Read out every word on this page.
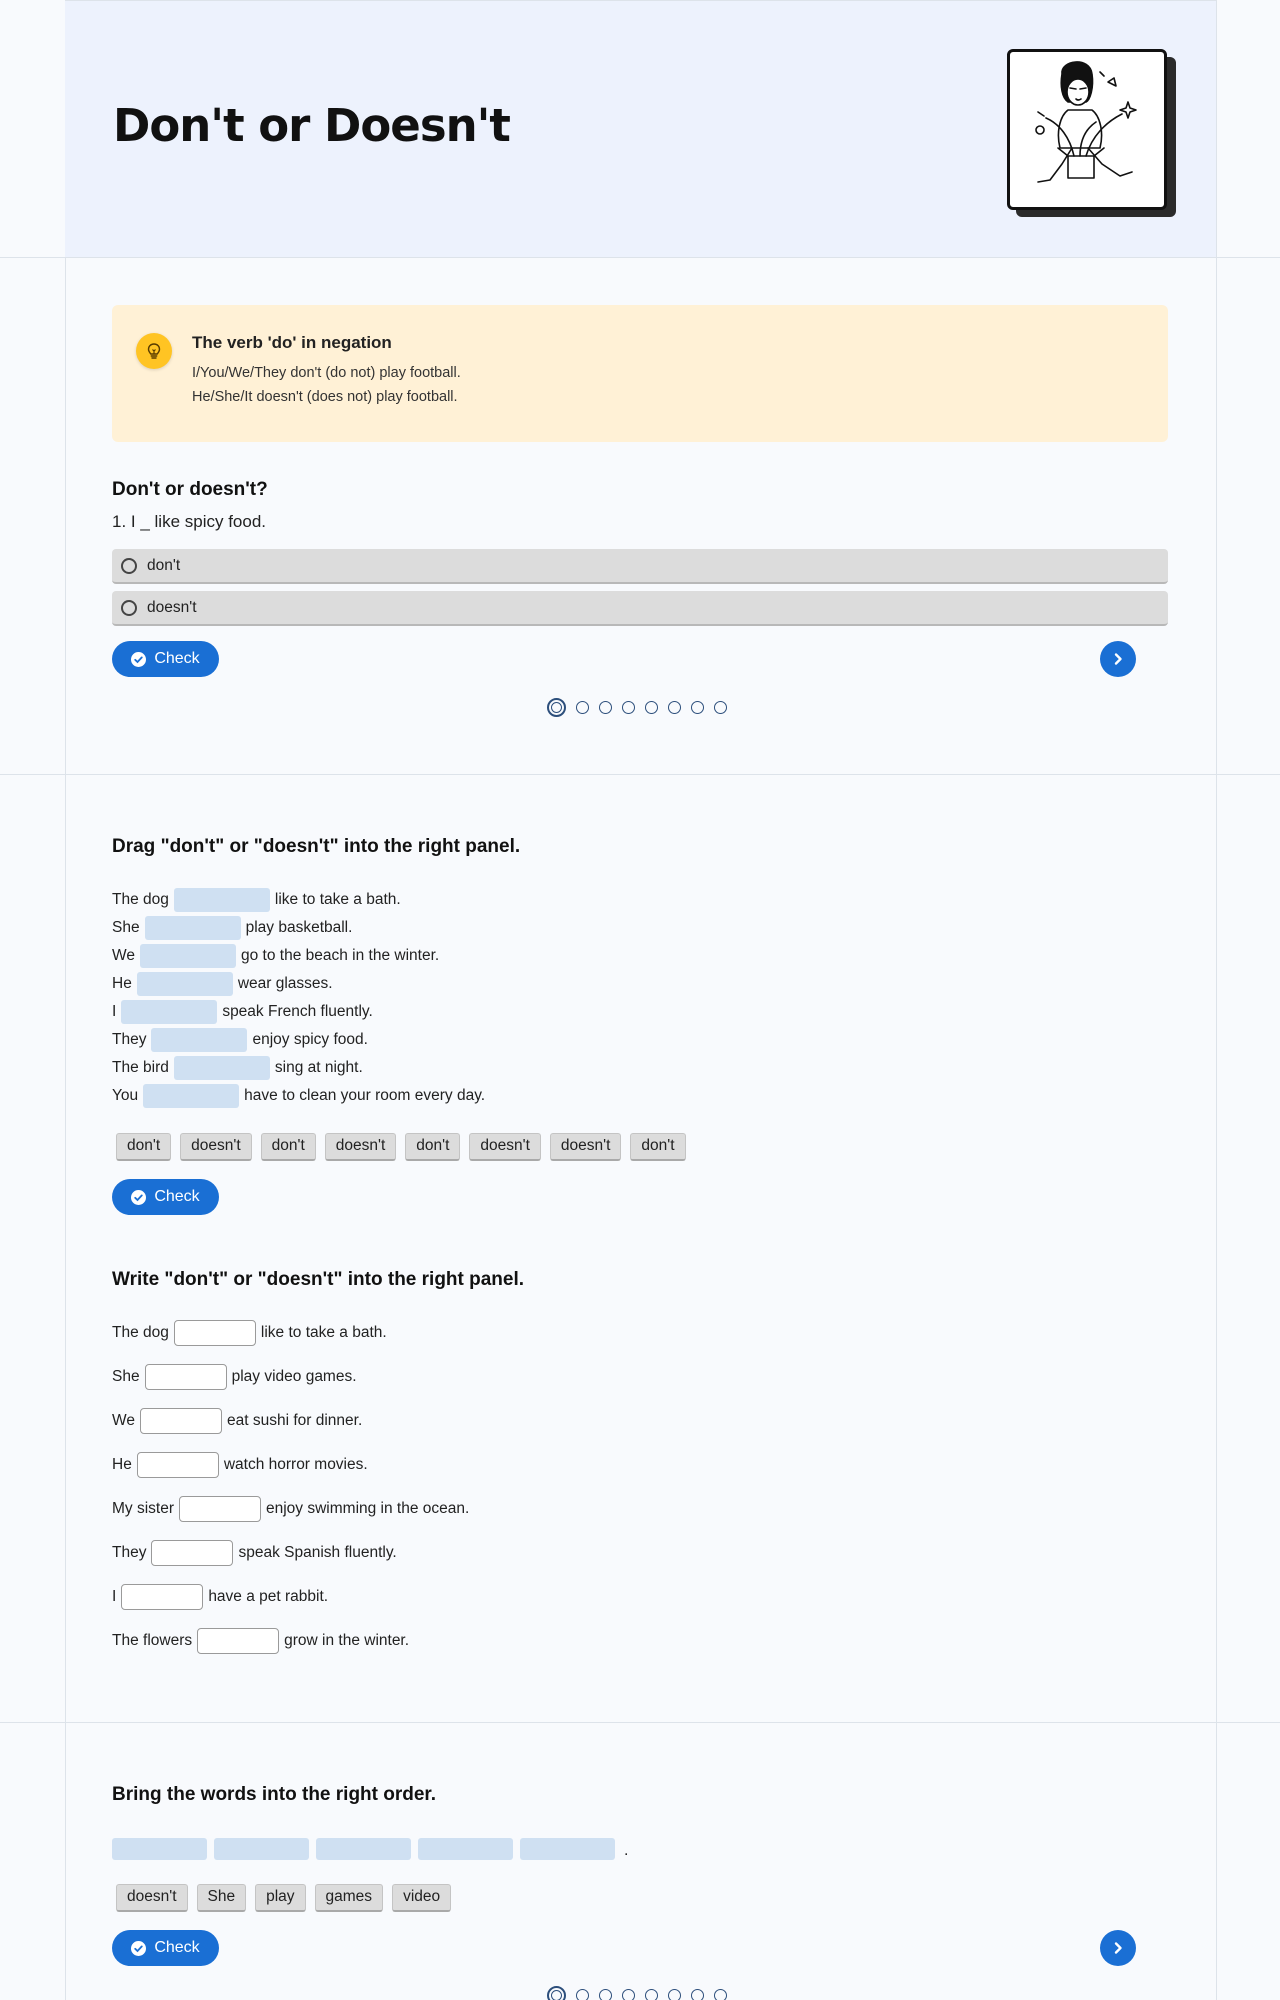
Don't or Doesn't
The verb 'do' in negation
I/You/We/They don't (do not) play football.
He/She/It doesn't (does not) play football.
Don't or doesn't?
1. I _ like spicy food.
don't
doesn't
Check
Drag "don't" or "doesn't" into the right panel.
The dog	like to take a bath.
She	play basketball.
We	go to the beach in the winter.
He	wear glasses.
I	speak French fluently.
They	enjoy spicy food.
The bird	sing at night.
You	have to clean your room every day.
don't	doesn't	don't	doesn't	don't	doesn't	doesn't	don't
Check
Write "don't" or "doesn't" into the right panel.
The dog	like to take a bath.
She	play video games.
We	eat sushi for dinner.
He	watch horror movies.
My sister	enjoy swimming in the ocean.
They	speak Spanish fluently.
I	have a pet rabbit.
The flowers	grow in the winter.
Bring the words into the right order.
.
doesn't	She	play	games	video
Check
